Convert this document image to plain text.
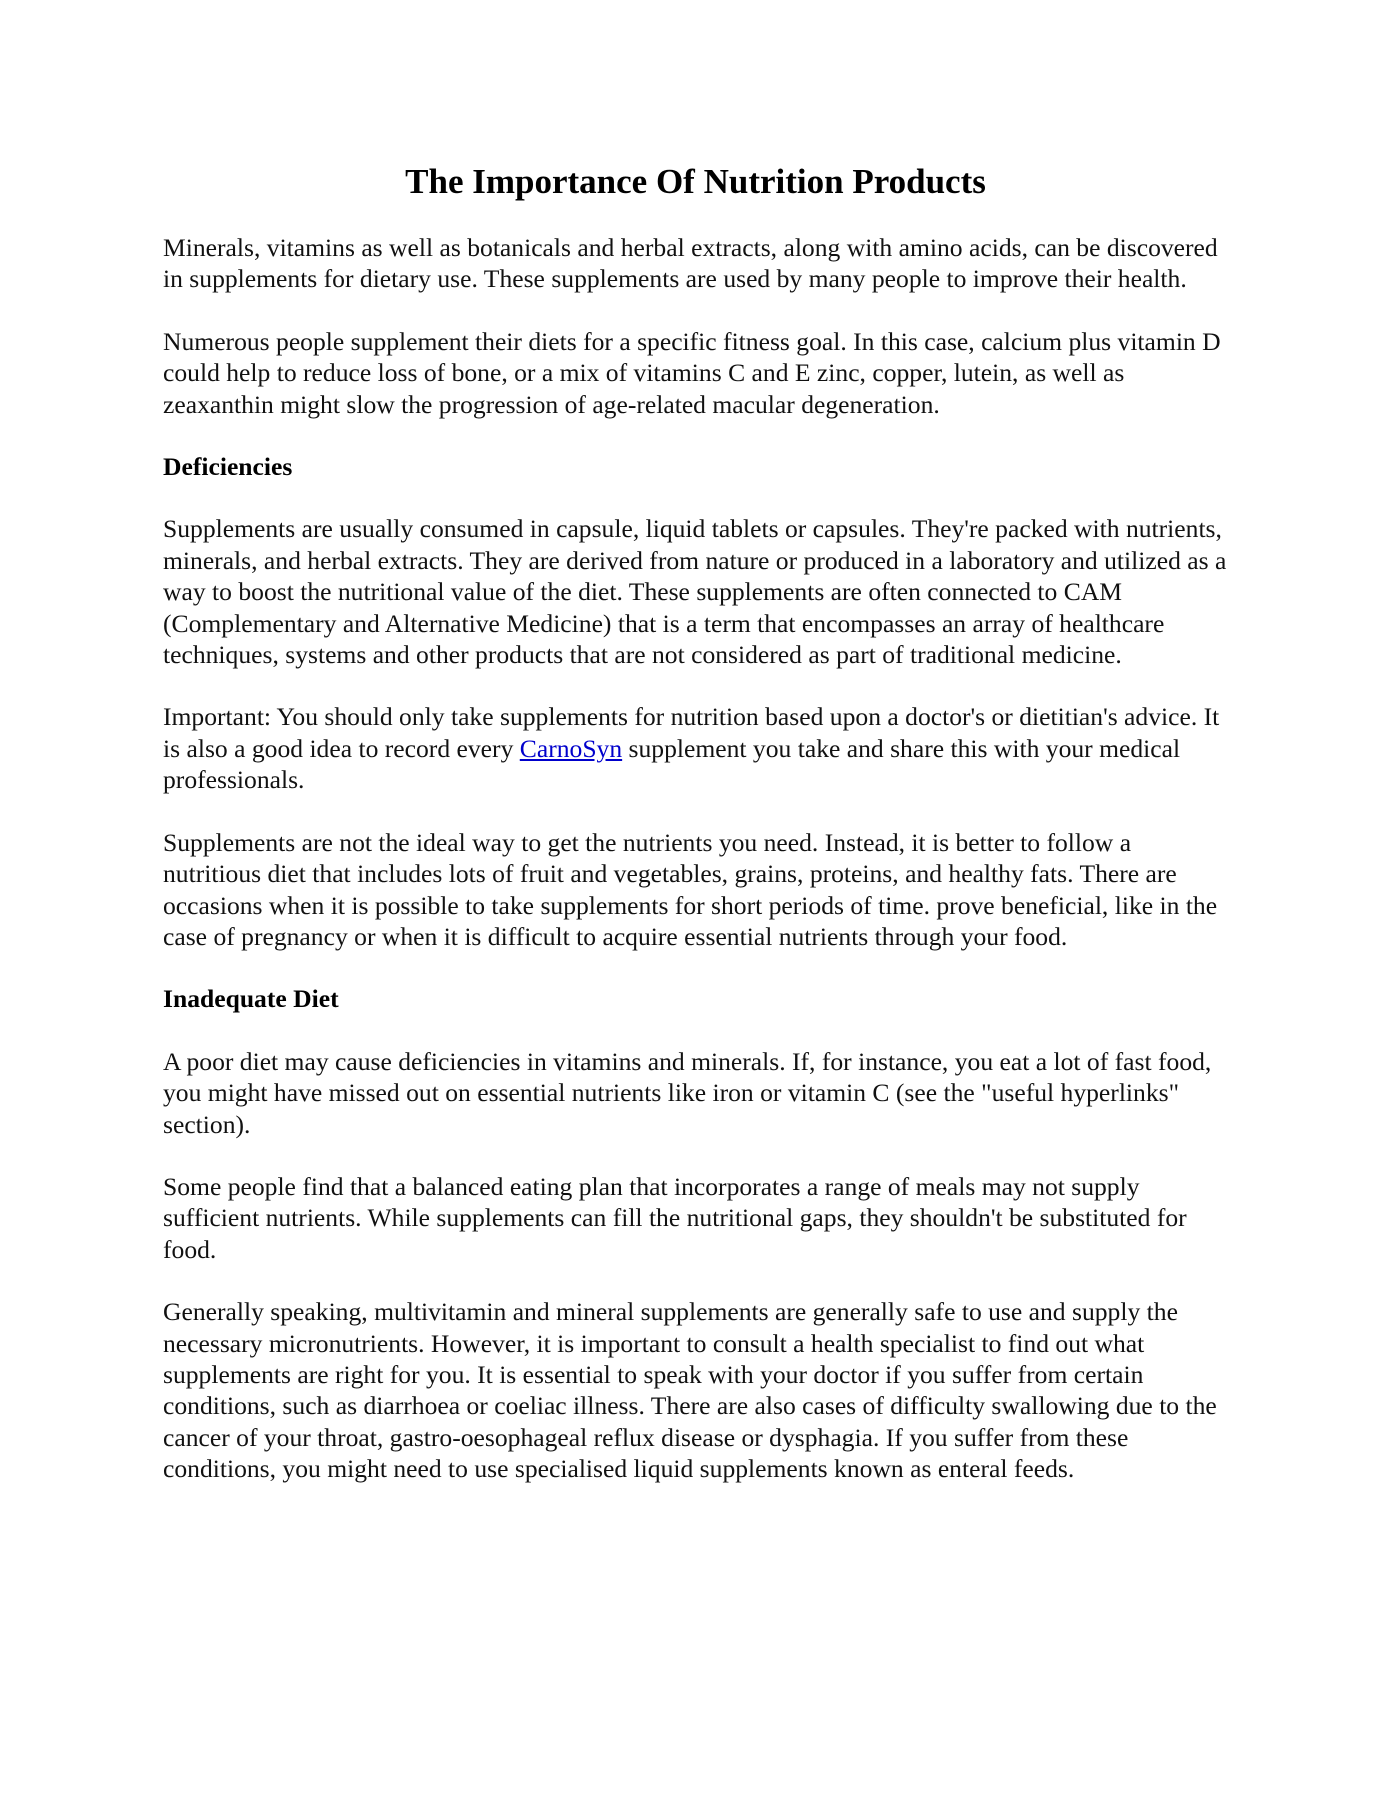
The Importance Of Nutrition Products

Minerals, vitamins as well as botanicals and herbal extracts, along with amino acids, can be discovered in supplements for dietary use. These supplements are used by many people to improve their health.

Numerous people supplement their diets for a specific fitness goal. In this case, calcium plus vitamin D could help to reduce loss of bone, or a mix of vitamins C and E zinc, copper, lutein, as well as zeaxanthin might slow the progression of age-related macular degeneration.

Deficiencies

Supplements are usually consumed in capsule, liquid tablets or capsules. They're packed with nutrients, minerals, and herbal extracts. They are derived from nature or produced in a laboratory and utilized as a way to boost the nutritional value of the diet. These supplements are often connected to CAM (Complementary and Alternative Medicine) that is a term that encompasses an array of healthcare techniques, systems and other products that are not considered as part of traditional medicine.

Important: You should only take supplements for nutrition based upon a doctor's or dietitian's advice. It is also a good idea to record every CarnoSyn supplement you take and share this with your medical professionals.

Supplements are not the ideal way to get the nutrients you need. Instead, it is better to follow a nutritious diet that includes lots of fruit and vegetables, grains, proteins, and healthy fats. There are occasions when it is possible to take supplements for short periods of time. prove beneficial, like in the case of pregnancy or when it is difficult to acquire essential nutrients through your food.

Inadequate Diet

A poor diet may cause deficiencies in vitamins and minerals. If, for instance, you eat a lot of fast food, you might have missed out on essential nutrients like iron or vitamin C (see the "useful hyperlinks" section).

Some people find that a balanced eating plan that incorporates a range of meals may not supply sufficient nutrients. While supplements can fill the nutritional gaps, they shouldn't be substituted for food.

Generally speaking, multivitamin and mineral supplements are generally safe to use and supply the necessary micronutrients. However, it is important to consult a health specialist to find out what supplements are right for you. It is essential to speak with your doctor if you suffer from certain conditions, such as diarrhoea or coeliac illness. There are also cases of difficulty swallowing due to the cancer of your throat, gastro-oesophageal reflux disease or dysphagia. If you suffer from these conditions, you might need to use specialised liquid supplements known as enteral feeds.
